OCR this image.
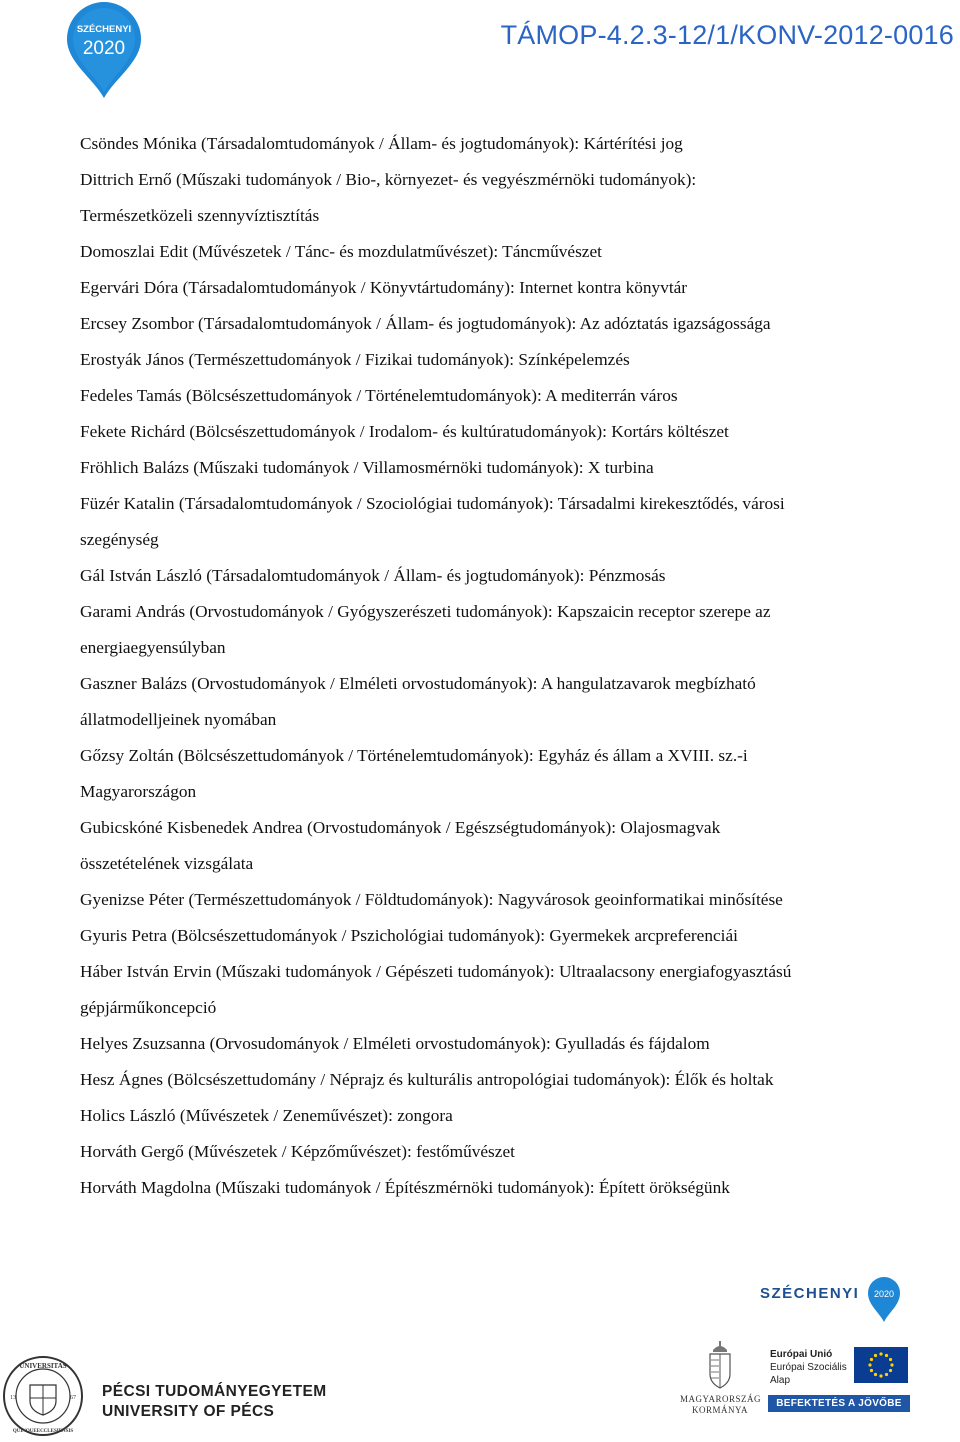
SZÉCHENYI
2020	TÁMOP-4.2.3-12/1/KONV-2012-0016

Csöndes Mónika (Társadalomtudományok / Állam- és jogtudományok): Kártérítési jog

Dittrich Ernő (Műszaki tudományok / Bio-, környezet- és vegyészmérnöki tudományok):

Természetközeli szennyvíztisztítás

Domoszlai Edit (Művészetek / Tánc- és mozdulatművészet): Táncművészet

Egervári Dóra (Társadalomtudományok / Könyvtártudomány): Internet kontra könyvtár

Ercsey Zsombor (Társadalomtudományok / Állam- és jogtudományok): Az adóztatás igazságossága

Erostyák János (Természettudományok / Fizikai tudományok): Színképelemzés

Fedeles Tamás (Bölcsészettudományok / Történelemtudományok): A mediterrán város

Fekete Richárd (Bölcsészettudományok / Irodalom- és kultúratudományok): Kortárs költészet

Fröhlich Balázs (Műszaki tudományok / Villamosmérnöki tudományok): X turbina

Füzér Katalin (Társadalomtudományok / Szociológiai tudományok): Társadalmi kirekesztődés, városi

szegénység

Gál István László (Társadalomtudományok / Állam- és jogtudományok): Pénzmosás

Garami András (Orvostudományok / Gyógyszerészeti tudományok): Kapszaicin receptor szerepe az

energiaegyensúlyban

Gaszner Balázs (Orvostudományok / Elméleti orvostudományok): A hangulatzavarok megbízható

állatmodelljeinek nyomában

Gőzsy Zoltán (Bölcsészettudományok / Történelemtudományok): Egyház és állam a XVIII. sz.-i

Magyarországon

Gubicskóné Kisbenedek Andrea (Orvostudományok / Egészségtudományok): Olajosmagvak

összetételének vizsgálata

Gyenizse Péter (Természettudományok / Földtudományok): Nagyvárosok geoinformatikai minősítése

Gyuris Petra (Bölcsészettudományok / Pszichológiai tudományok): Gyermekek arcpreferenciái

Háber István Ervin (Műszaki tudományok / Gépészeti tudományok): Ultraalacsony energiafogyasztású

gépjárműkoncepció

Helyes Zsuzsanna (Orvosudományok / Elméleti orvostudományok): Gyulladás és fájdalom

Hesz Ágnes (Bölcsészettudomány / Néprajz és kulturális antropológiai tudományok): Élők és holtak

Holics László (Művészetek / Zeneművészet): zongora

Horváth Gergő (Művészetek / Képzőművészet): festőművészet

Horváth Magdolna (Műszaki tudományok / Építészmérnöki tudományok): Épített örökségünk

SZÉCHENYI 2020
UNIVERSITAS
QUINQUEECCLESIENSIS
13	67 PÉCSI TUDOMÁNYEGYETEM
UNIVERSITY OF PÉCS
MAGYARORSZÁG
KORMÁNYA
Európai Unió
Európai Szociális
Alap
BEFEKTETÉS A JÖVŐBE
